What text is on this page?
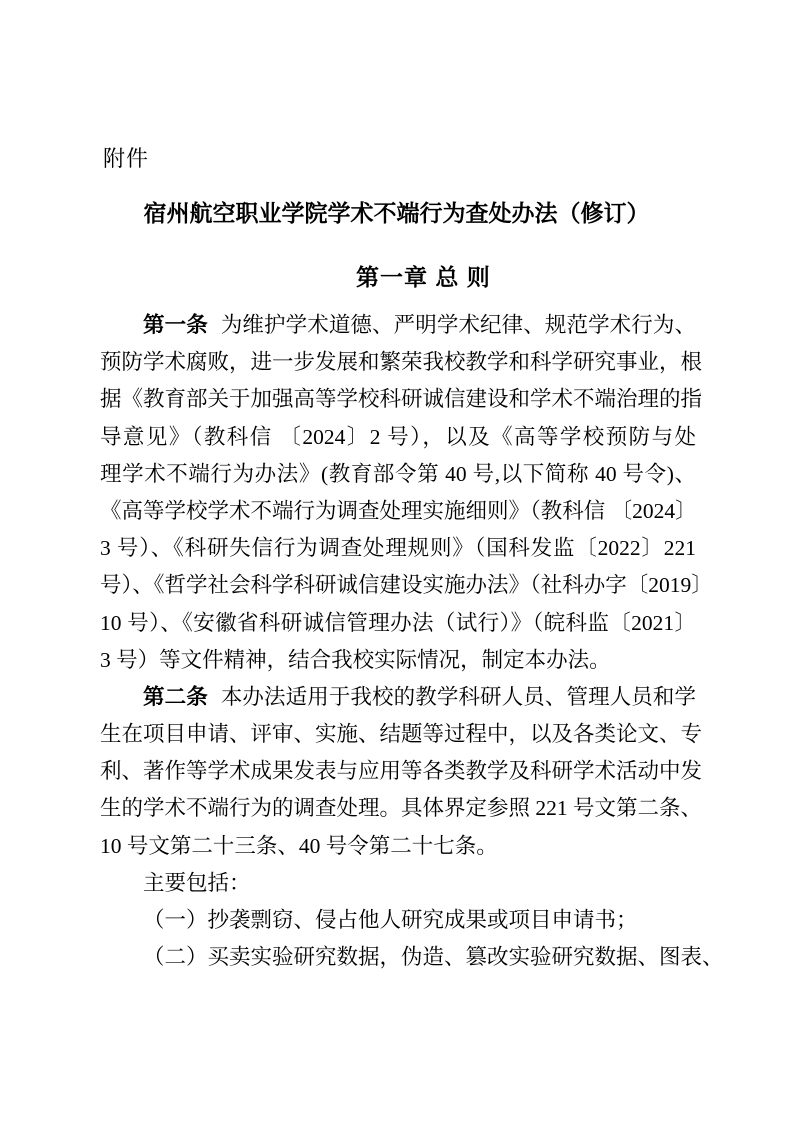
附件
宿州航空职业学院学术不端行为查处办法（修订）
第一章 总 则
第一条 为维护学术道德、严明学术纪律、规范学术行为、
预防学术腐败，进一步发展和繁荣我校教学和科学研究事业，根
据《教育部关于加强高等学校科研诚信建设和学术不端治理的指
导意见》（教科信 〔2024〕2 号），以及《高等学校预防与处
理学术不端行为办法》(教育部令第 40 号,以下简称 40 号令)、
《高等学校学术不端行为调查处理实施细则》（教科信 〔2024〕
3 号）、《科研失信行为调查处理规则》（国科发监〔2022〕221
号）、《哲学社会科学科研诚信建设实施办法》（社科办字〔2019〕
10 号）、《安徽省科研诚信管理办法（试行）》（皖科监〔2021〕
3 号）等文件精神，结合我校实际情况，制定本办法。
第二条 本办法适用于我校的教学科研人员、管理人员和学
生在项目申请、评审、实施、结题等过程中，以及各类论文、专
利、著作等学术成果发表与应用等各类教学及科研学术活动中发
生的学术不端行为的调查处理。具体界定参照 221 号文第二条、
10 号文第二十三条、40 号令第二十七条。
主要包括：
（一）抄袭剽窃、侵占他人研究成果或项目申请书；
（二）买卖实验研究数据，伪造、篡改实验研究数据、图表、
